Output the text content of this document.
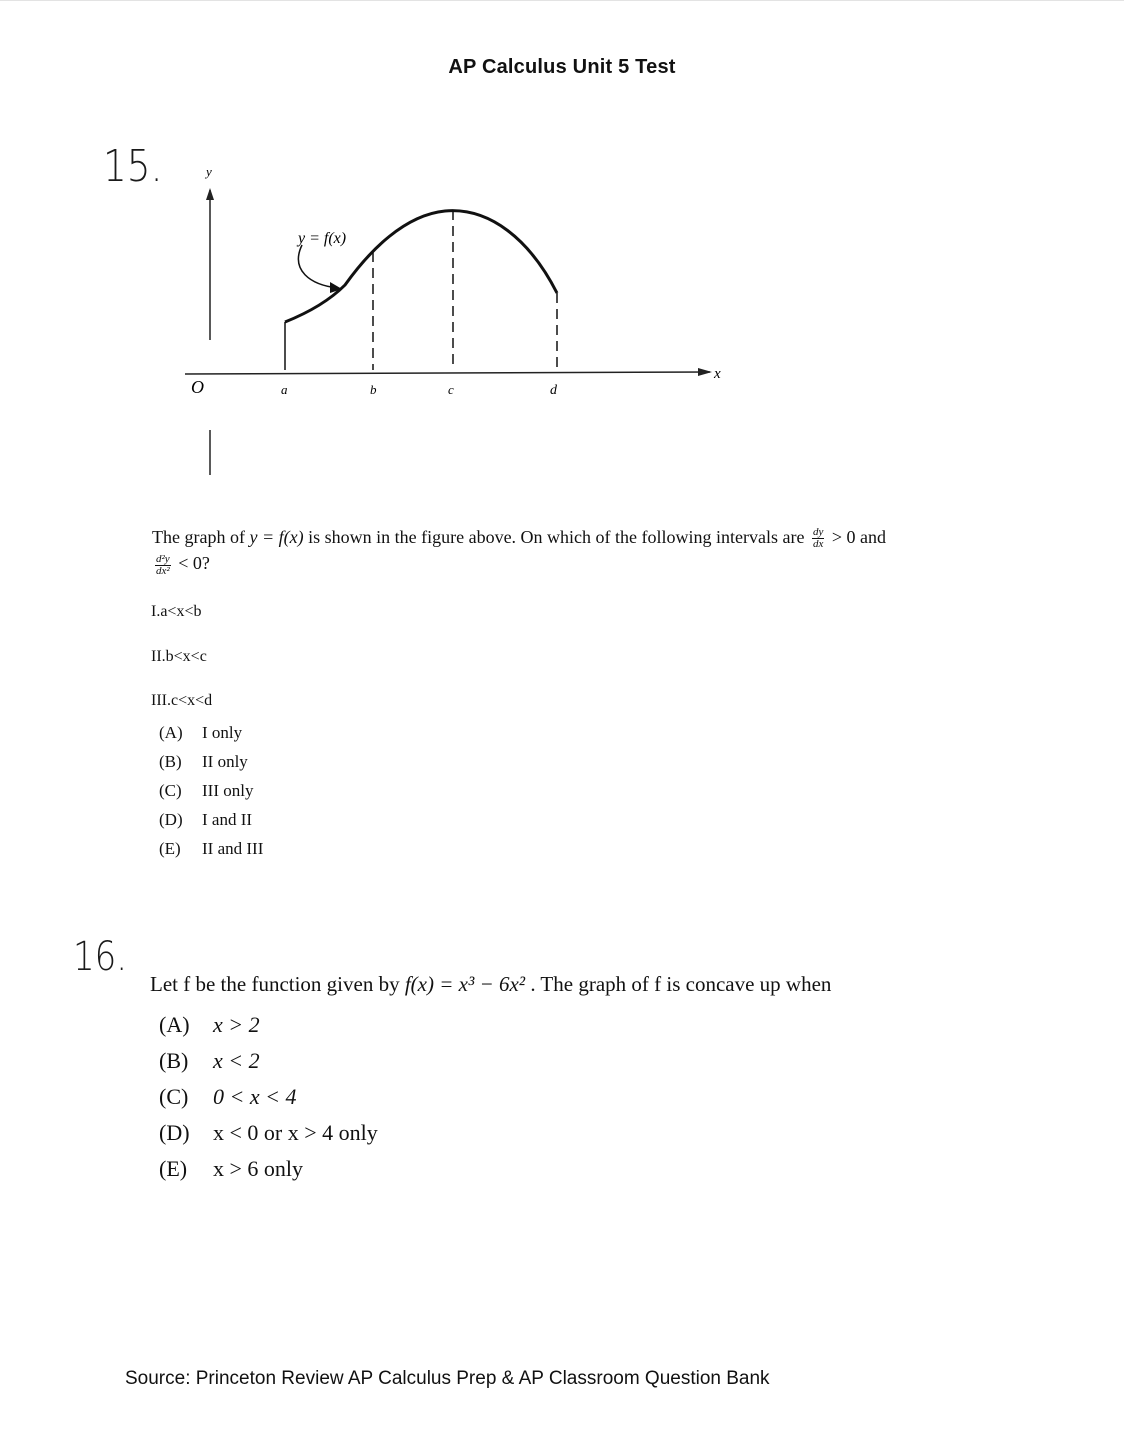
AP Calculus Unit 5 Test
15.	y
x
O	a	b	c	d
y = f(x)
The graph of y = f(x) is shown in the figure above. On which of the following intervals are $\frac{dy}{dx} > 0$ and

$\frac{\text{d²y}}{\text{dx²}} < 0$?
I.a<x<b
II.b<x<c
III.c<x<d
(A)	I only
(B)	II only
(C)	III only
(D)	I and II
(E)	II and III
16.
Let f be the function given by f(x) = x³ − 6x² . The graph of f is concave up when
(A)	x > 2
(B)	x < 2
(C)	0 < x < 4
(D)	x < 0 or x > 4 only
(E)	x > 6 only
Source: Princeton Review AP Calculus Prep & AP Classroom Question Bank
